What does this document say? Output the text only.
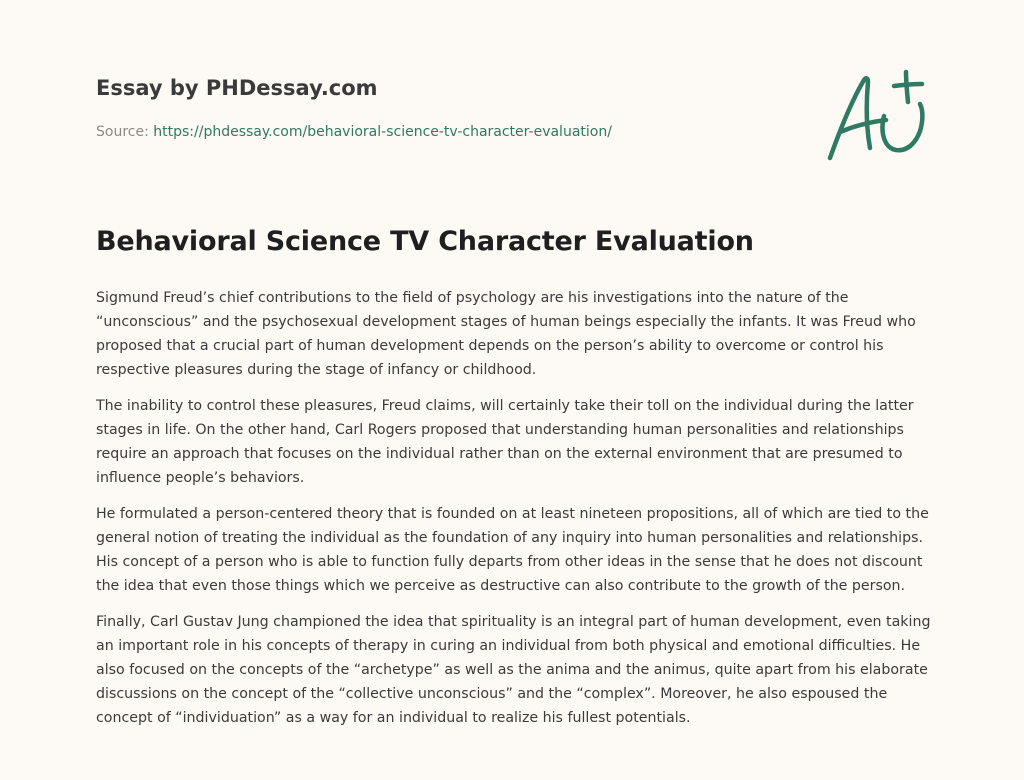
Essay by PHDessay.com
Source: https://phdessay.com/behavioral-science-tv-character-evaluation/
Behavioral Science TV Character Evaluation

Sigmund Freud’s chief contributions to the field of psychology are his investigations into the nature of the “unconscious” and the psychosexual development stages of human beings especially the infants. It was Freud who proposed that a crucial part of human development depends on the person’s ability to overcome or control his respective pleasures during the stage of infancy or childhood.

The inability to control these pleasures, Freud claims, will certainly take their toll on the individual during the latter stages in life. On the other hand, Carl Rogers proposed that understanding human personalities and relationships require an approach that focuses on the individual rather than on the external environment that are presumed to influence people’s behaviors.

He formulated a person-centered theory that is founded on at least nineteen propositions, all of which are tied to the general notion of treating the individual as the foundation of any inquiry into human personalities and relationships. His concept of a person who is able to function fully departs from other ideas in the sense that he does not discount the idea that even those things which we perceive as destructive can also contribute to the growth of the person.

Finally, Carl Gustav Jung championed the idea that spirituality is an integral part of human development, even taking an important role in his concepts of therapy in curing an individual from both physical and emotional difficulties. He also focused on the concepts of the “archetype” as well as the anima and the animus, quite apart from his elaborate discussions on the concept of the “collective unconscious” and the “complex”. Moreover, he also espoused the concept of “individuation” as a way for an individual to realize his fullest potentials.
